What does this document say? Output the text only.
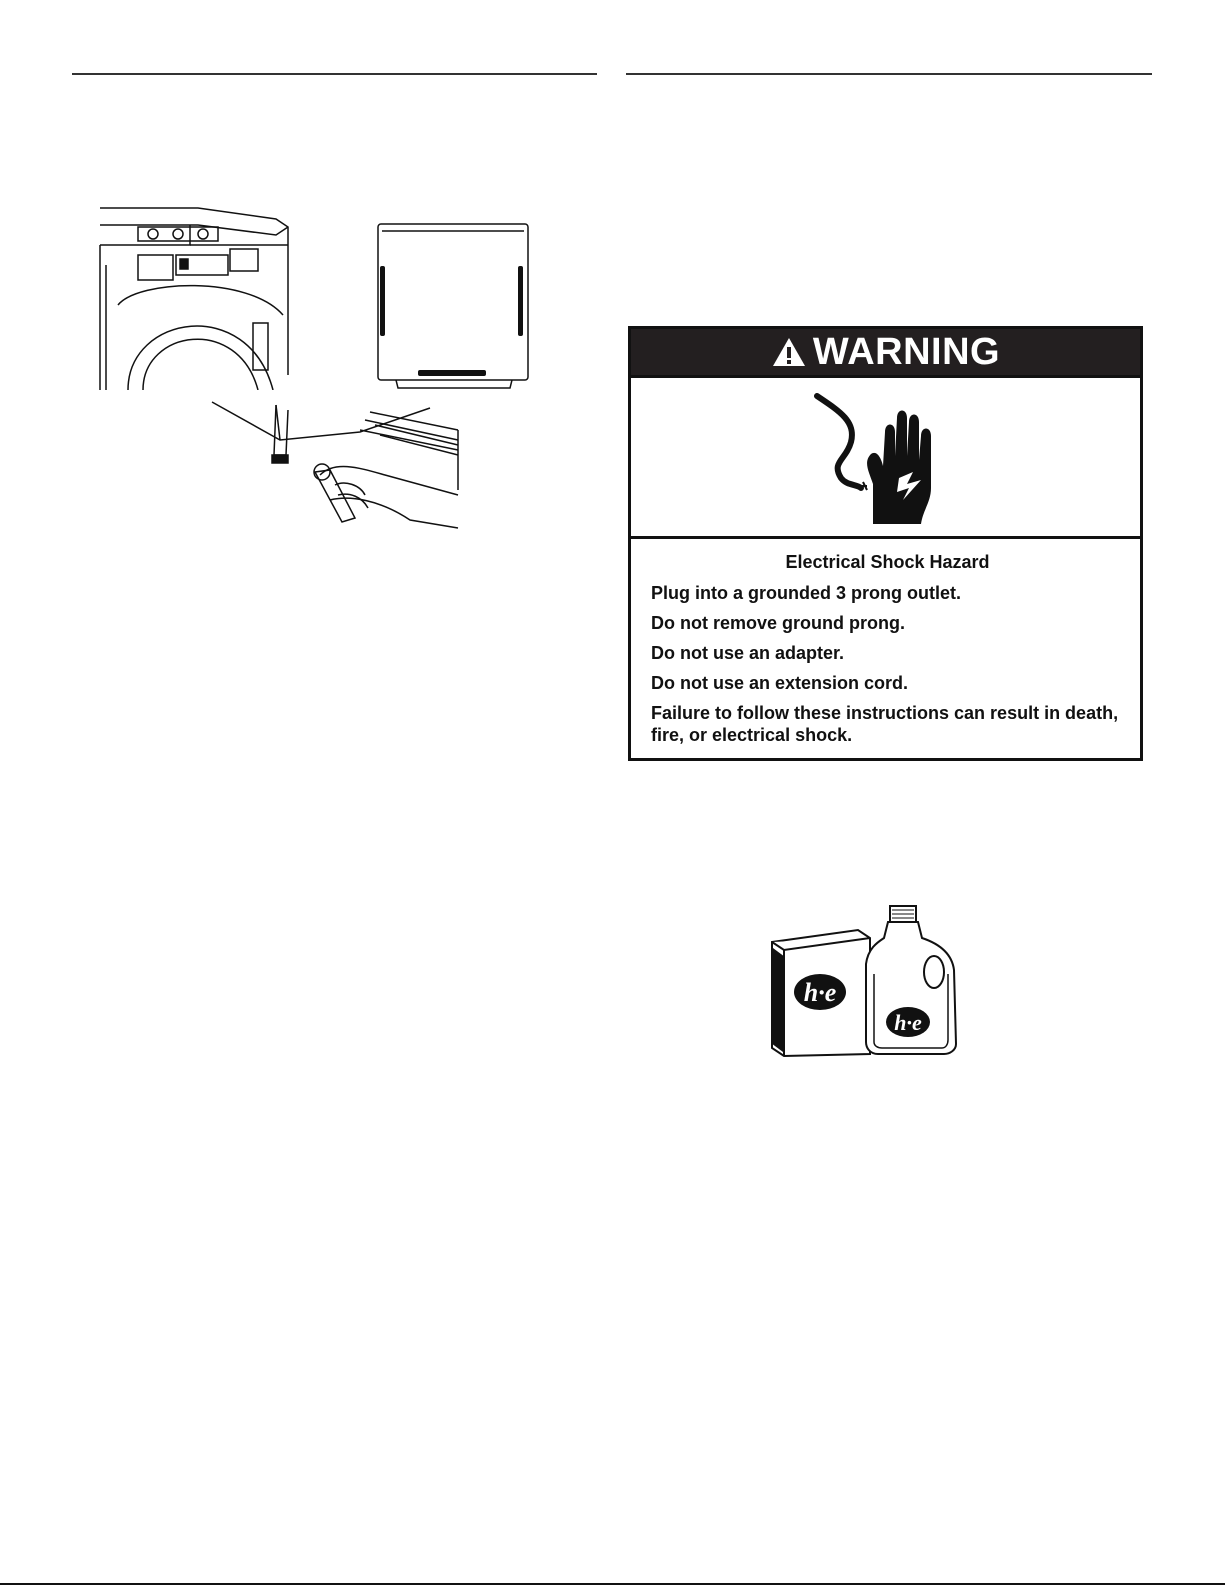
WARNING
Electrical Shock Hazard
Plug into a grounded 3 prong outlet.
Do not remove ground prong.
Do not use an adapter.
Do not use an extension cord.
Failure to follow these instructions can result in death, fire, or electrical shock.
h·e
h·e
